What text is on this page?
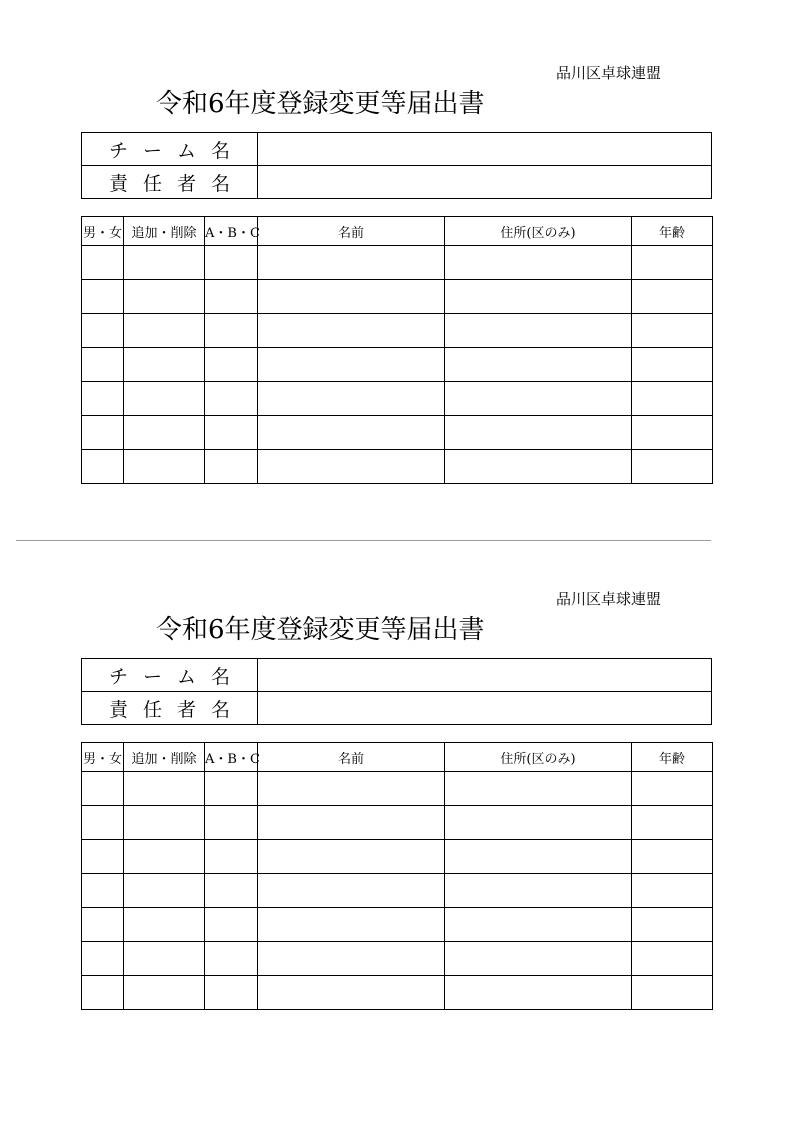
品川区卓球連盟
令和6年度登録変更等届出書
チーム名	
責任者名	
男・女	追加・削除	A・B・C	名前	住所(区のみ)	年齢

品川区卓球連盟
令和6年度登録変更等届出書
チーム名	
責任者名	
男・女	追加・削除	A・B・C	名前	住所(区のみ)	年齢
